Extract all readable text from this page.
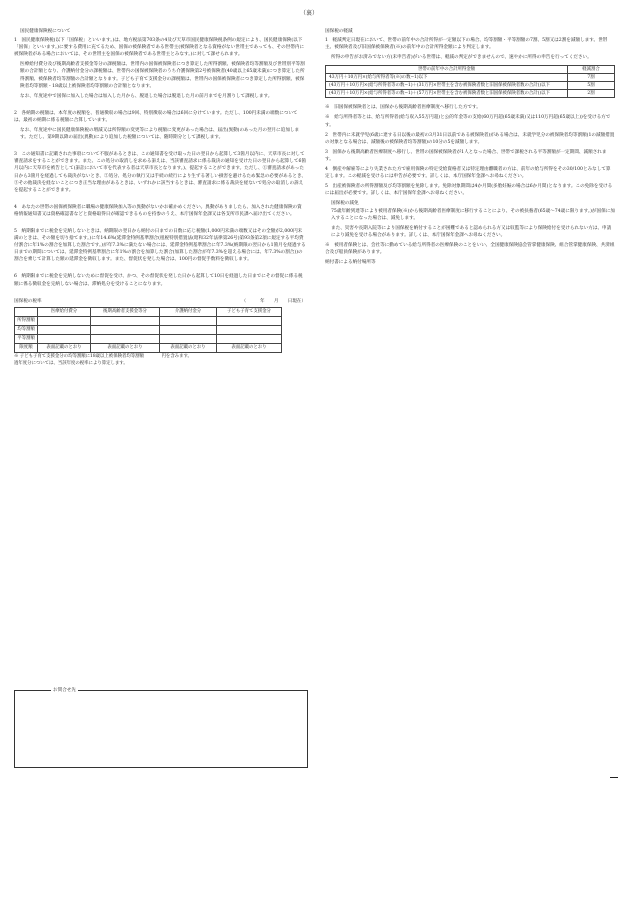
（裏）
国民健康保険税について

1　国民健康保険税(以下「国保税」といいます。)は、地方税法第703条の4及び天草市国民健康保険税条例の規定により、国民健康保険(以下「国保」といいます。)に要する費用に充てるため、国保の被保険者である世帯主(被保険者となる資格がない世帯主であっても、その世帯内に被保険者がある場合においては、その世帯主を国保の被保険者である世帯主とみなす。)に対して課せられます。

医療給付費分及び後期高齢者支援金等分の課税額は、世帯内の国保被保険者につき算定した所得割額、被保険者均等割額及び世帯別平等割額の合計額となり、介護納付金分の課税額は、世帯内の国保被保険者のうち介護保険第2号被保険者(40歳以上65歳未満)につき算定した所得割額、被保険者均等割額の合計額となります。子ども子育て支援金分の課税額は、世帯内の国保被保険者につき算定した所得割額、被保険者均等割額・18歳以上被保険者均等割額の合計額となります。

なお、年度途中で国保に加入した場合は加入した月から、脱退した場合は脱退した月の前月までを月割りして課税します。

2　各納期の税額は、本年度の税額を、普通徴収の場合は9回、特別徴収の場合は6回に分けています。ただし、100円未満の端数については、最初の納期に係る税額に合算しています。

なお、年度途中に国民健康保険税の増減又は所得額の変更等により税額に変更があった場合は、届出(異動)のあった月の翌月に追加します。ただし、第9期以降の届出(異動)により追加した税額については、随時期分として課税します。

3　この通知書に記載された事項について不服があるときは、この通知書を受け取った日の翌日から起算して3箇月以内に、天草市長に対して審査請求をすることができます。また、この処分の取消しを求める訴えは、当該審査請求に係る裁決の通知を受けた日の翌日から起算して6箇月以内に天草市を被告として(訴訟において市を代表する者は天草市長となります。)、提起することができます。ただし、①審査請求があった日から3箇月を経過しても裁決がないとき、②処分、処分の執行又は手続の続行により生ずる著しい損害を避けるため緊急の必要があるとき、③その他裁決を経ないことにつき正当な理由があるときは、いずれかに該当するときは、審査請求に係る裁決を経ないで処分の取消しの訴えを提起することができます。

4　あなたの世帯の国保被保険者に職場の健康保険加入等の異動がないかお確かめください。異動がありましたら、加入された健康保険の資格情報通知書又は資格確認書などと資格取得日が確認できるものを持参のうえ、本庁国保年金課又は各支所市民課へ届け出てください。

5　納期限までに税金を完納しないときは、納期限の翌日から納付の日までの日数に応じ税額(1,000円未満の端数又はその全額が2,000円未満のときは、その額を切り捨てます。)に年14.6%(延滞金特例基準割合(租税特別措置法(昭和32年法律第26号)第93条第2項に規定する平均貸付割合に年1%の割合を加算した割合です。)が年7.3%に満たない場合には、延滞金特例基準割合に年7.3%(納期限の翌日から1箇月を経過する日までの期間については、延滞金特例基準割合に年1%の割合を加算した割合(加算した割合が年7.3%を超える場合には、年7.3%の割合))の割合を乗じて計算した額の延滞金を徴収します。また、督促状を発した場合は、100円の督促手数料を徴収します。

6　納期限までに税金を完納しないために督促を受け、かつ、その督促状を発した日から起算して10日を経過した日までにその督促に係る税額に係る徴収金を完納しない場合は、滞納処分を受けることになります。

国保税の税率	（　　　年　　月　　日現在）
	医療給付費分	後期高齢者支援金等分	介護納付金分	子ども子育て支援金分
所得割額				
均等割額				
平等割額				
限度額	表面記載のとおり	表面記載のとおり	表面記載のとおり	表面記載のとおり
※ 子ども子育て支援金分の均等割額に18歳以上被保険者均等割額　　　　円を含みます。
過年度分については、当該年度の税率により算定します。
お問合せ先
国保税の軽減

1　軽減判定日現在において、世帯の前年中の合計所得が一定額以下の場合、均等割額・平等割額の7割、5割又は2割を減額します。世帯主、被保険者及び旧国保被保険者(※)の前年中の合計所得金額により判定します。

所得の申告がお済みでない方(未申告者)がいる世帯は、軽減の判定ができませんので、速やかに所得の申告を行ってください。

世帯の前年中の合計所得金額	軽減割合
43万円＋10万円×(給与所得者等(※)の数−1)以下	7割
(43万円＋10万円×(給与所得者等の数−1)＋(31万円×世帯主を含む被保険者数と旧国保被保険者数の合計))以下	5割
(43万円＋10万円×(給与所得者等の数−1)＋(57万円×世帯主を含む被保険者数と旧国保被保険者数の合計))以下	2割

※　旧国保被保険者とは、国保から後期高齢者医療制度へ移行した方です。

※　給与所得者等とは、給与所得者(給与収入55万円超)と公的年金等の支給(60万円超(65歳未満)又は110万円超(65歳以上))を受ける方です。

2　世帯内に未就学児(6歳に達する日以後の最初の3月31日以前である被保険者)がある場合は、未就学児分の被保険者均等割額(1の減額措置の対象となる場合は、減額後の被保険者均等割額)の10分の5を減額します。

3　国保から後期高齢者医療制度へ移行し、世帯の国保被保険者が1人となった場合、世帯で課税される平等割額が一定期間、減額されます。

4　倒産や解雇等により失業された方で雇用保険の特定受給資格者又は特定理由離職者の方は、前年の給与所得をその30/100とみなして算定します。この軽減を受けるには申告が必要です。詳しくは、本庁国保年金課へお尋ねください。

5　出産被保険者の所得割額及び均等割額を免除します。免除対象期間は4か月間(多胎妊娠の場合は6か月間)となります。この免除を受けるには届出が必要です。詳しくは、本庁国保年金課へお尋ねください。

国保税の減免

75歳年齢到達等により被用者保険(※)から後期高齢者医療制度に移行することにより、その被扶養者(65歳〜74歳に限ります。)が国保に加入することになった場合は、減免します。

また、災害や長期入院等により国保税を納付することが困難であると認められる方又は収監等により保険給付を受けられない方は、申請により減免を受ける場合があります。詳しくは、本庁国保年金課へお尋ねください。

※　被用者保険とは、会社等に勤めている給与所得者の医療保険のことをいい、全国健康保険協会管掌健康保険、組合管掌健康保険、共済組合及び船員保険があります。

納付書による納付場所等
